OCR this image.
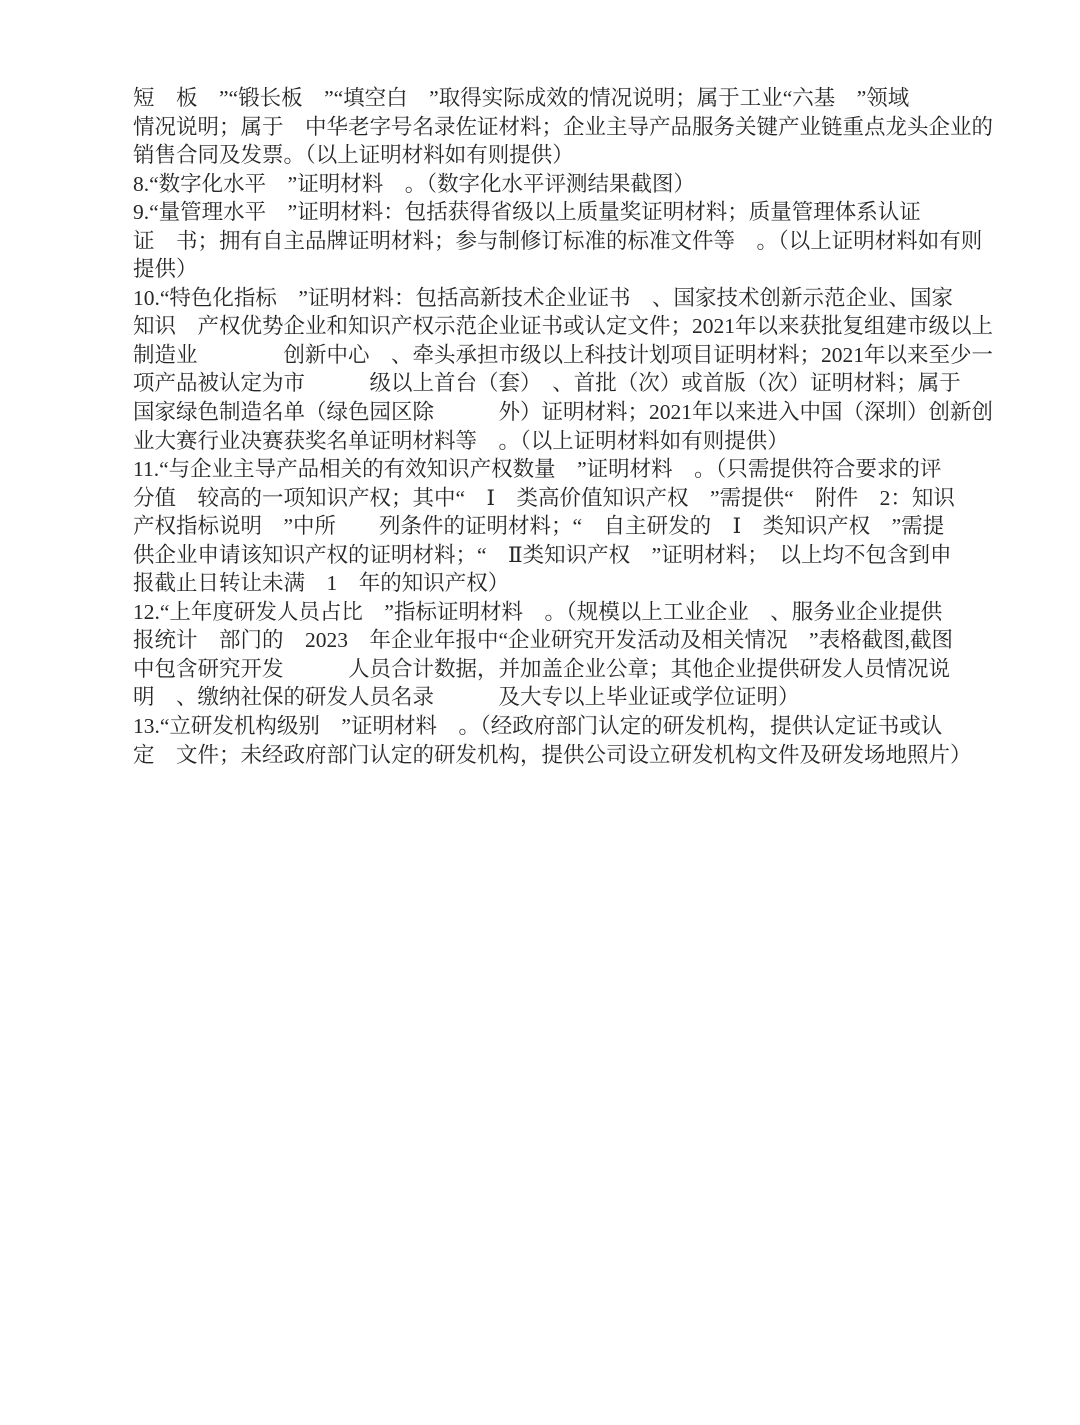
短　板　”“锻长板　”“填空白　”取得实际成效的情况说明；属于工业“六基　”领域
情况说明；属于　中华老字号名录佐证材料；企业主导产品服务关键产业链重点龙头企业的
销售合同及发票。（以上证明材料如有则提供）
8.“数字化水平　”证明材料　。（数字化水平评测结果截图）
9.“量管理水平　”证明材料：包括获得省级以上质量奖证明材料；质量管理体系认证
证　书；拥有自主品牌证明材料；参与制修订标准的标准文件等　。（以上证明材料如有则
提供）
10.“特色化指标　”证明材料：包括高新技术企业证书　、国家技术创新示范企业、国家
知识　产权优势企业和知识产权示范企业证书或认定文件；2021年以来获批复组建市级以上
制造业　　　　创新中心　、牵头承担市级以上科技计划项目证明材料；2021年以来至少一
项产品被认定为市　　　级以上首台（套）　、首批（次）或首版（次）证明材料；属于
国家绿色制造名单（绿色园区除　　　外）证明材料；2021年以来进入中国（深圳）创新创
业大赛行业决赛获奖名单证明材料等　。（以上证明材料如有则提供）
11.“与企业主导产品相关的有效知识产权数量　”证明材料　。（只需提供符合要求的评
分值　较高的一项知识产权；其中“　Ⅰ　类高价值知识产权　”需提供“　附件　2：知识
产权指标说明　”中所　　列条件的证明材料；“　自主研发的　Ⅰ　类知识产权　”需提
供企业申请该知识产权的证明材料；“　Ⅱ类知识产权　”证明材料；　以上均不包含到申
报截止日转让未满　1　年的知识产权）
12.“上年度研发人员占比　”指标证明材料　。（规模以上工业企业　、服务业企业提供
报统计　部门的　2023　年企业年报中“企业研究开发活动及相关情况　”表格截图,截图
中包含研究开发　　　人员合计数据，并加盖企业公章；其他企业提供研发人员情况说
明　、缴纳社保的研发人员名录　　　及大专以上毕业证或学位证明）
13.“立研发机构级别　”证明材料　。（经政府部门认定的研发机构，提供认定证书或认
定　文件；未经政府部门认定的研发机构，提供公司设立研发机构文件及研发场地照片）
